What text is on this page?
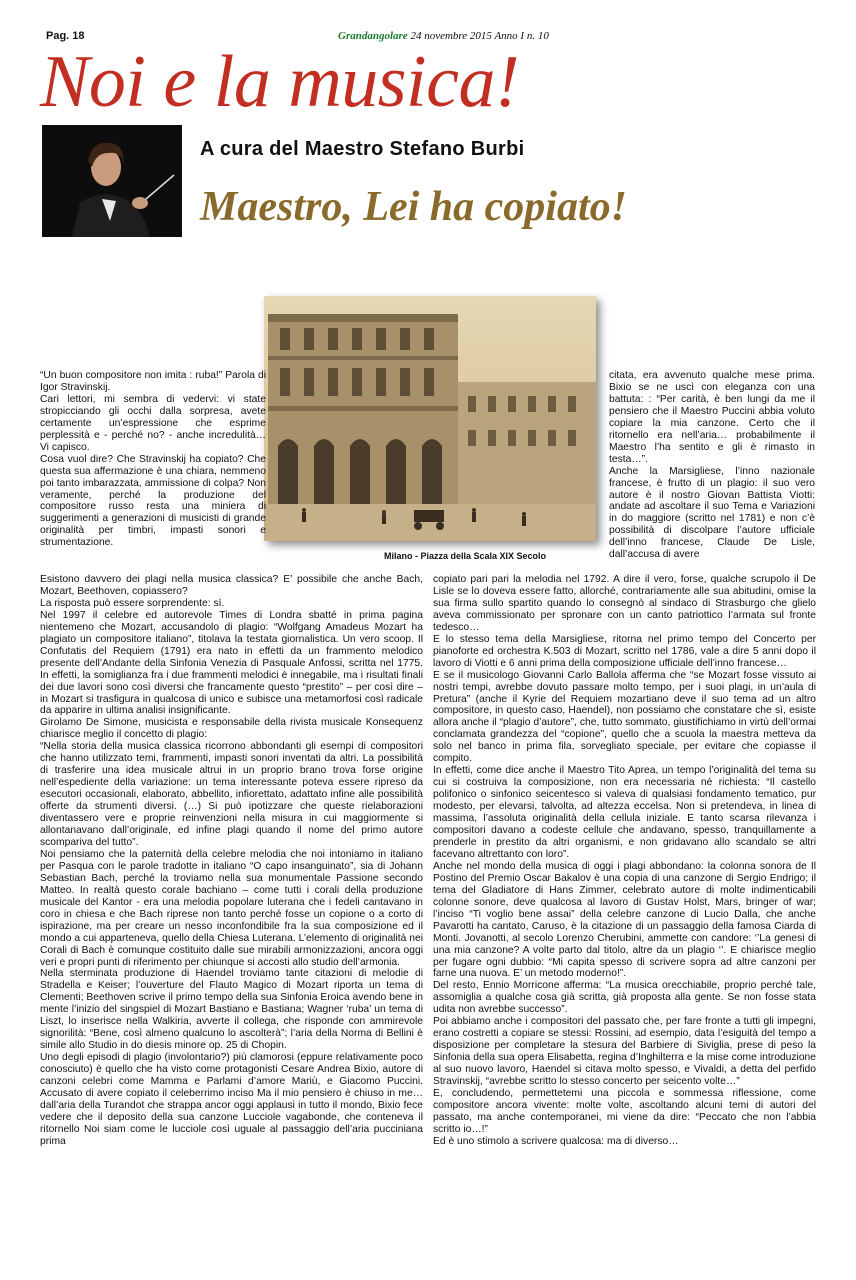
Pag. 18	Grandangolare 24 novembre 2015 Anno I n. 10
Noi e la musica!
A cura del Maestro Stefano Burbi
Maestro, Lei ha copiato!
Milano - Piazza della Scala XIX Secolo
“Un buon compositore non imita : ruba!” Parola di Igor Stravinskij.
Cari lettori, mi sembra di vedervi: vi state stropicciando gli occhi dalla sorpresa, avete certamente un’espressione che esprime perplessità e - perché no? - anche incredulità… Vi capisco.
Cosa vuol dire? Che Stravinskij ha copiato? Che questa sua affermazione è una chiara, nemmeno poi tanto imbarazzata, ammissione di colpa? Non veramente, perché la produzione del compositore russo resta una miniera di suggerimenti a generazioni di musicisti di grande originalità per timbri, impasti sonori e strumentazione.
citata, era avvenuto qualche mese prima. Bixio se ne uscì con eleganza con una battuta: : “Per carità, è ben lungi da me il pensiero che il Maestro Puccini abbia voluto copiare la mia canzone. Certo che il ritornello era nell’aria… probabilmente il Maestro l’ha sentito e gli è rimasto in testa…”.
Anche la Marsigliese, l’inno nazionale francese, è frutto di un plagio: il suo vero autore è il nostro Giovan Battista Viotti: andate ad ascoltare il suo Tema e Variazioni in do maggiore (scritto nel 1781) e non c’è possibilità di discolpare l’autore ufficiale dell’inno francese, Claude De Lisle, dall’accusa di avere
Esistono davvero dei plagi nella musica classica? E’ possibile che anche Bach, Mozart, Beethoven, copiassero?
La risposta può essere sorprendente: sì.
Nel 1997 il celebre ed autorevole Times di Londra sbatté in prima pagina nientemeno che Mozart, accusandolo di plagio: “Wolfgang Amadeus Mozart ha plagiato un compositore italiano”, titolava la testata giornalistica. Un vero scoop. Il Confutatis del Requiem (1791) era nato in effetti da un frammento melodico presente dell’Andante della Sinfonia Venezia di Pasquale Anfossi, scritta nel 1775. In effetti, la somiglianza fra i due frammenti melodici è innegabile, ma i risultati finali dei due lavori sono così diversi che francamente questo “prestito” – per così dire – in Mozart si trasfigura in qualcosa di unico e subisce una metamorfosi così radicale da apparire in ultima analisi insignificante.
Girolamo De Simone, musicista e responsabile della rivista musicale Konsequenz chiarisce meglio il concetto di plagio:
“Nella storia della musica classica ricorrono abbondanti gli esempi di compositori che hanno utilizzato temi, frammenti, impasti sonori inventati da altri. La possibilità di trasferire una idea musicale altrui in un proprio brano trova forse origine nell’espediente della variazione: un tema interessante poteva essere ripreso da esecutori occasionali, elaborato, abbellito, infiorettato, adattato infine alle possibilità offerte da strumenti diversi. (…) Si può ipotizzare che queste rielaborazioni diventassero vere e proprie reinvenzioni nella misura in cui maggiormente si allontanavano dall’originale, ed infine plagi quando il nome del primo autore scompariva del tutto”.
Noi pensiamo che la paternità della celebre melodia che noi intoniamo in italiano per Pasqua con le parole tradotte in italiano “O capo insanguinato”, sia di Johann Sebastian Bach, perché la troviamo nella sua monumentale Passione secondo Matteo. In realtà questo corale bachiano – come tutti i corali della produzione musicale del Kantor - era una melodia popolare luterana che i fedeli cantavano in coro in chiesa e che Bach riprese non tanto perché fosse un copione o a corto di ispirazione, ma per creare un nesso inconfondibile fra la sua composizione ed il mondo a cui apparteneva, quello della Chiesa Luterana. L’elemento di originalità nei Corali di Bach è comunque costituito dalle sue mirabili armonizzazioni, ancora oggi veri e propri punti di riferimento per chiunque si accosti allo studio dell’armonia.
Nella sterminata produzione di Haendel troviamo tante citazioni di melodie di Stradella e Keiser; l’ouverture del Flauto Magico di Mozart riporta un tema di Clementi; Beethoven scrive il primo tempo della sua Sinfonia Eroica avendo bene in mente l’inizio del singspiel di Mozart Bastiano e Bastiana; Wagner ‘ruba’ un tema di Liszt, lo inserisce nella Walkiria, avverte il collega, che risponde con ammirevole signorilità: “Bene, così almeno qualcuno lo ascolterà”; l’aria della Norma di Bellini è simile allo Studio in do diesis minore op. 25 di Chopin.
Uno degli episodi di plagio (involontario?) più clamorosi (eppure relativamente poco conosciuto) è quello che ha visto come protagonisti Cesare Andrea Bixio, autore di canzoni celebri come Mamma e Parlami d’amore Mariù, e Giacomo Puccini. Accusato di avere copiato il celeberrimo inciso Ma il mio pensiero è chiuso in me… dall’aria della Turandot che strappa ancor oggi applausi in tutto il mondo, Bixio fece vedere che il deposito della sua canzone Lucciole vagabonde, che conteneva il ritornello Noi siam come le lucciole così uguale al passaggio dell’aria pucciniana prima
copiato pari pari la melodia nel 1792. A dire il vero, forse, qualche scrupolo il De Lisle se lo doveva essere fatto, allorché, contrariamente alle sua abitudini, omise la sua firma sullo spartito quando lo consegnò al sindaco di Strasburgo che glielo aveva commissionato per spronare con un canto patriottico l’armata sul fronte tedesco…
E lo stesso tema della Marsigliese, ritorna nel primo tempo del Concerto per pianoforte ed orchestra K.503 di Mozart, scritto nel 1786, vale a dire 5 anni dopo il lavoro di Viotti e 6 anni prima della composizione ufficiale dell’inno francese…
E se il musicologo Giovanni Carlo Ballola afferma che “se Mozart fosse vissuto ai nostri tempi, avrebbe dovuto passare molto tempo, per i suoi plagi, in un’aula di Pretura” (anche il Kyrie del Requiem mozartiano deve il suo tema ad un altro compositore, in questo caso, Haendel), non possiamo che constatare che sì, esiste allora anche il “plagio d’autore”, che, tutto sommato, giustifichiamo in virtù dell’ormai conclamata grandezza del “copione”, quello che a scuola la maestra metteva da solo nel banco in prima fila, sorvegliato speciale, per evitare che copiasse il compito.
In effetti, come dice anche il Maestro Tito Aprea, un tempo l’originalità del tema su cui si costruiva la composizione, non era necessaria né richiesta: “Il castello polifonico o sinfonico seicentesco si valeva di qualsiasi fondamento tematico, pur modesto, per elevarsi, talvolta, ad altezza eccelsa. Non si pretendeva, in linea di massima, l’assoluta originalità della cellula iniziale. E tanto scarsa rilevanza i compositori davano a codeste cellule che andavano, spesso, tranquillamente a prenderle in prestito da altri organismi, e non gridavano allo scandalo se altri facevano altrettanto con loro”.
Anche nel mondo della musica di oggi i plagi abbondano: la colonna sonora de Il Postino del Premio Oscar Bakalov è una copia di una canzone di Sergio Endrigo; il tema del Gladiatore di Hans Zimmer, celebrato autore di molte indimenticabili colonne sonore, deve qualcosa al lavoro di Gustav Holst, Mars, bringer of war; l’inciso “Ti voglio bene assai” della celebre canzone di Lucio Dalla, che anche Pavarotti ha cantato, Caruso, è la citazione di un passaggio della famosa Ciarda di Monti. Jovanotti, al secolo Lorenzo Cherubini, ammette con candore: ‘’La genesi di una mia canzone? A volte parto dal titolo, altre da un plagio ‘’. E chiarisce meglio per fugare ogni dubbio: “Mi capita spesso di scrivere sopra ad altre canzoni per farne una nuova. E’ un metodo moderno!”.
Del resto, Ennio Morricone afferma: “La musica orecchiabile, proprio perché tale, assomiglia a qualche cosa già scritta, già proposta alla gente. Se non fosse stata udita non avrebbe successo”.
Poi abbiamo anche i compositori del passato che, per fare fronte a tutti gli impegni, erano costretti a copiare se stessi: Rossini, ad esempio, data l’esiguità del tempo a disposizione per completare la stesura del Barbiere di Siviglia, prese di peso la Sinfonia della sua opera Elisabetta, regina d’Inghilterra e la mise come introduzione al suo nuovo lavoro, Haendel si citava molto spesso, e Vivaldi, a detta del perfido Stravinskij, “avrebbe scritto lo stesso concerto per seicento volte…”
E, concludendo, permettetemi una piccola e sommessa riflessione, come compositore ancora vivente: molte volte, ascoltando alcuni temi di autori del passato, ma anche contemporanei, mi viene da dire: “Peccato che non l’abbia scritto io…!”
Ed è uno stimolo a scrivere qualcosa: ma di diverso…
